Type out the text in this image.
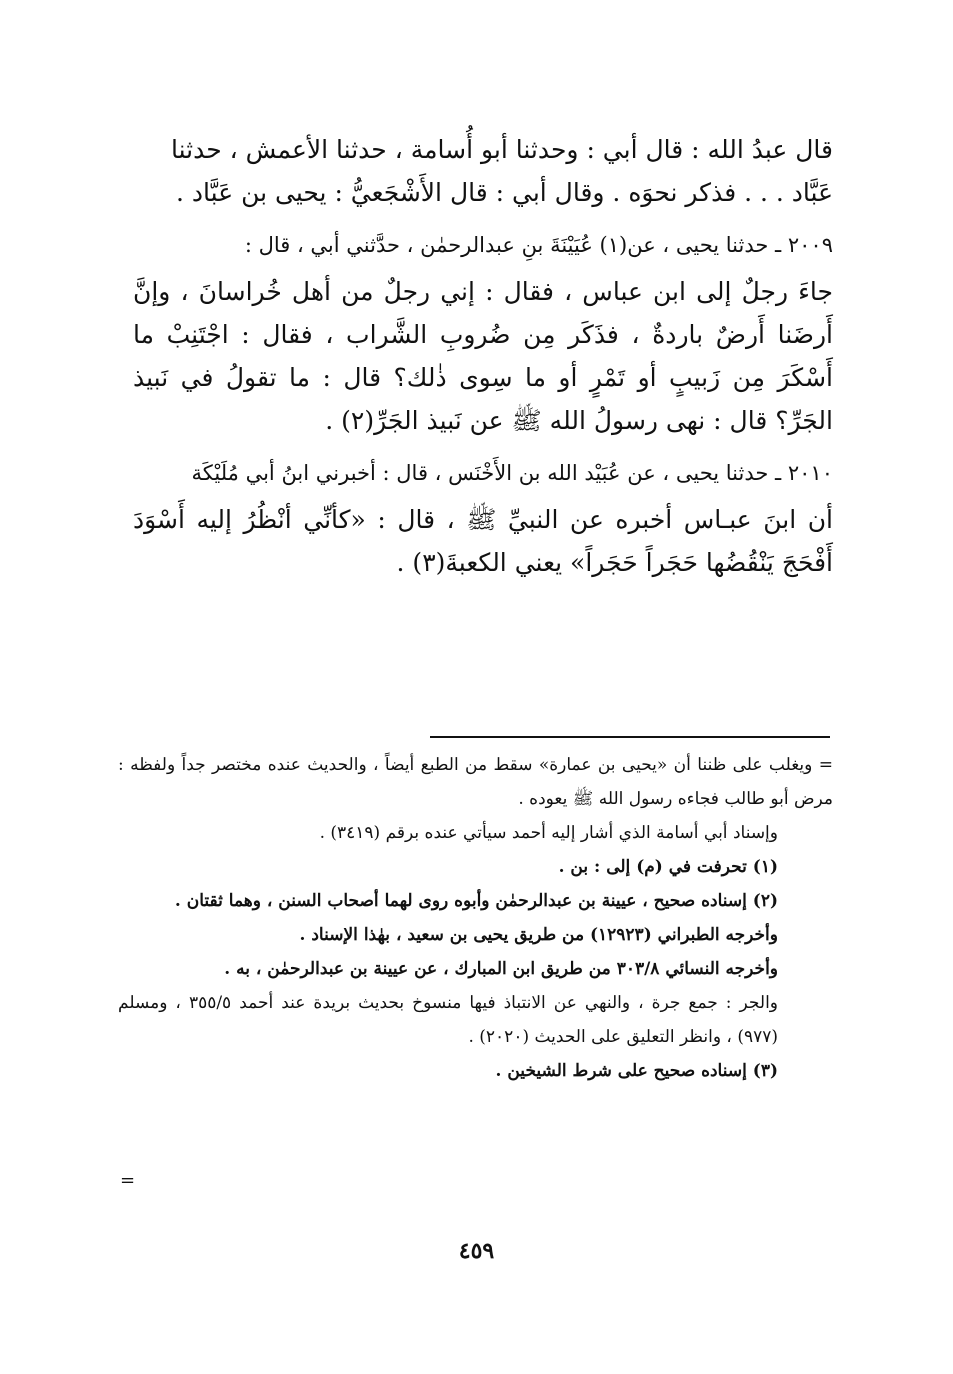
قال عبدُ الله : قال أبي : وحدثنا أبو أُسامة ، حدثنا الأعمش ، حدثنا

عَبَّاد . . . فذكر نحوَه . وقال أبي : قال الأَشْجَعيُّ : يحيى بن عَبَّاد .

٢٠٠٩ ـ حدثنا يحيى ، عن(١) عُيَيْنَةَ بنِ عبدالرحمٰن ، حدَّثني أبي ، قال :

جاءَ رجلٌ إلى ابن عباس ، فقال : إني رجلٌ من أهل خُراسانَ ، وإنَّ أَرضَنا أَرضٌ باردةٌ ، فذَكَر مِن ضُروبِ الشَّراب ، فقال : اجْتَنِبْ ما أَسْكَرَ مِن زَبيبٍ أو تَمْرٍ أو ما سِوى ذٰلك؟ قال : ما تقولُ في نَبيذ الجَرِّ؟ قال : نهى رسولُ الله ﷺ عن نَبيذ الجَرِّ(٢) .

٢٠١٠ ـ حدثنا يحيى ، عن عُبَيْد الله بن الأَخْنَس ، قال : أخبرني ابنُ أبي مُلَيْكَة

أن ابنَ عبـاس أخبره عن النبيِّ ﷺ ، قال : «كأنِّي أنْظُرُ إليه أَسْوَدَ أَفْحَجَ يَنْقُضُها حَجَراً حَجَراً» يعني الكعبةَ(٣) .

= ويغلب على ظننا أن «يحيى بن عمارة» سقط من الطبع أيضاً ، والحديث عنده مختصر جداً ولفظه : مرض أبو طالب فجاءه رسول الله ﷺ يعوده .

وإسناد أبي أسامة الذي أشار إليه أحمد سيأتي عنده برقم (٣٤١٩) .

(١) تحرفت في (م) إلى : بن .

(٢) إسناده صحيح ، عيينة بن عبدالرحمٰن وأبوه روى لهما أصحاب السنن ، وهما ثقتان .

وأخرجه الطبراني (١٢٩٢٣) من طريق يحيى بن سعيد ، بهٰذا الإسناد .

وأخرجه النسائي ٣٠٣/٨ من طريق ابن المبارك ، عن عيينة بن عبدالرحمٰن ، به .

والجر : جمع جرة ، والنهي عن الانتباذ فيها منسوخ بحديث بريدة عند أحمد ٣٥٥/٥ ، ومسلم (٩٧٧) ، وانظر التعليق على الحديث (٢٠٢٠) .

(٣) إسناده صحيح على شرط الشيخين .

=
٤٥٩
